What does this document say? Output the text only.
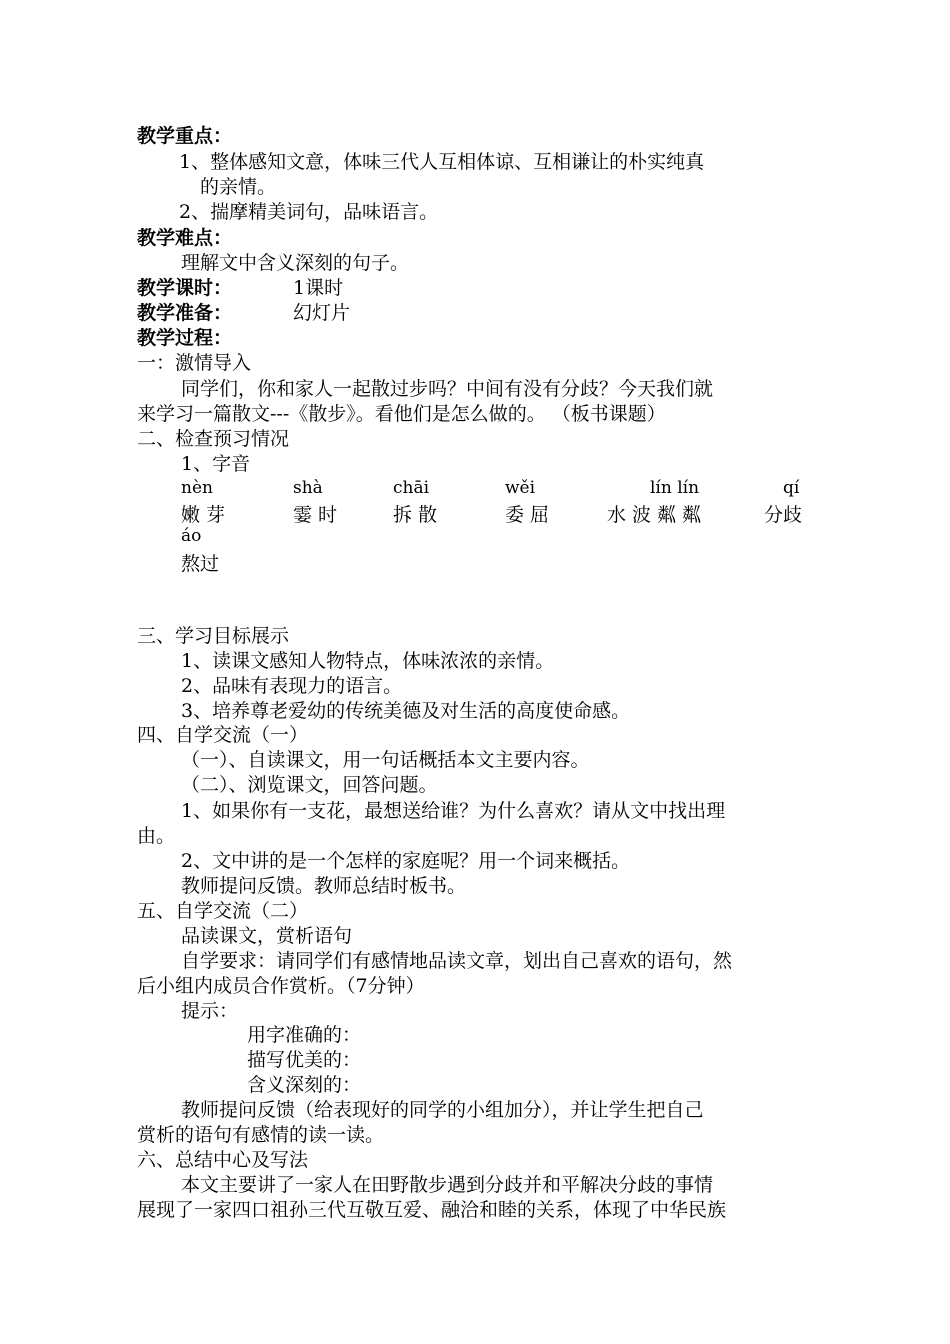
教学重点：

1、整体感知文意，体味三代人互相体谅、互相谦让的朴实纯真

的亲情。

2、揣摩精美词句，品味语言。

教学难点：

理解文中含义深刻的句子。

教学课时：	1课时

教学准备：	幻灯片

教学过程：

一：激情导入

同学们，你和家人一起散过步吗？中间有没有分歧？今天我们就

来学习一篇散文---《散步》。看他们是怎么做的。 （板书课题）

二、检查预习情况

1、字音

nèn	shà	chāi	wěi	lín lín	qí
嫩 芽	霎 时	拆 散	委 屈	水 波 粼 粼	分歧
áo
熬过

三、学习目标展示

1、读课文感知人物特点，体味浓浓的亲情。

2、品味有表现力的语言。

3、培养尊老爱幼的传统美德及对生活的高度使命感。

四、自学交流（一）

（一）、自读课文，用一句话概括本文主要内容。

（二）、浏览课文，回答问题。

1、如果你有一支花，最想送给谁？为什么喜欢？请从文中找出理

由。

2、文中讲的是一个怎样的家庭呢？用一个词来概括。

教师提问反馈。教师总结时板书。

五、自学交流（二）

品读课文，赏析语句

自学要求：请同学们有感情地品读文章，划出自己喜欢的语句，然

后小组内成员合作赏析。（7分钟）

提示：

用字准确的：

描写优美的：

含义深刻的：

教师提问反馈（给表现好的同学的小组加分），并让学生把自己

赏析的语句有感情的读一读。

六、总结中心及写法

本文主要讲了一家人在田野散步遇到分歧并和平解决分歧的事情

展现了一家四口祖孙三代互敬互爱、融洽和睦的关系，体现了中华民族
